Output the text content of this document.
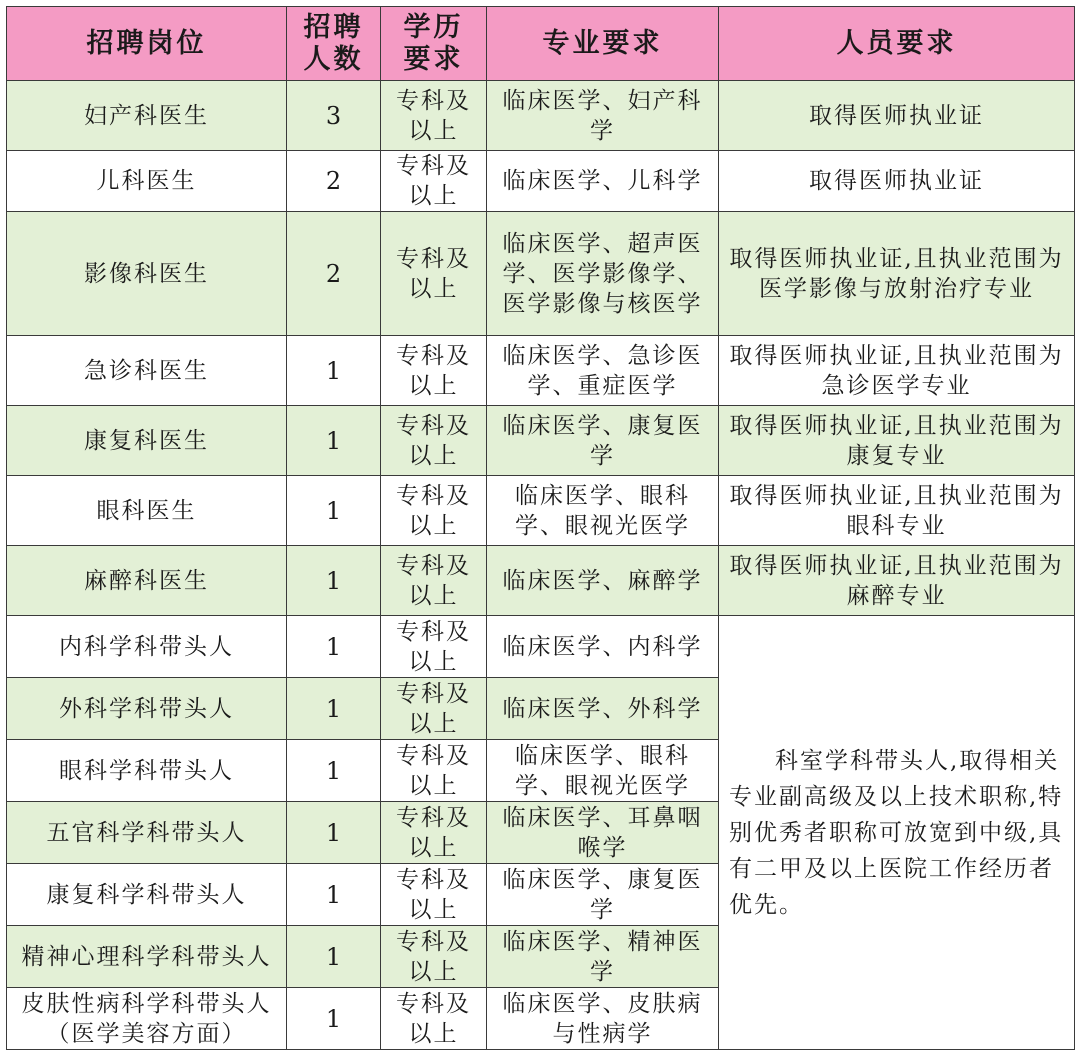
招聘岗位	招聘人数	学历要求	专业要求	人员要求
妇产科医生	3	专科及以上	临床医学、妇产科学	取得医师执业证
儿科医生	2	专科及以上	临床医学、儿科学	取得医师执业证
影像科医生	2	专科及以上	临床医学、超声医学、医学影像学、医学影像与核医学	取得医师执业证,且执业范围为医学影像与放射治疗专业
急诊科医生	1	专科及以上	临床医学、急诊医学、重症医学	取得医师执业证,且执业范围为急诊医学专业
康复科医生	1	专科及以上	临床医学、康复医学	取得医师执业证,且执业范围为康复专业
眼科医生	1	专科及以上	临床医学、眼科学、眼视光医学	取得医师执业证,且执业范围为眼科专业
麻醉科医生	1	专科及以上	临床医学、麻醉学	取得医师执业证,且执业范围为麻醉专业
内科学科带头人	1	专科及以上	临床医学、内科学	科室学科带头人,取得相关专业副高级及以上技术职称,特别优秀者职称可放宽到中级,具有二甲及以上医院工作经历者优先。
外科学科带头人	1	专科及以上	临床医学、外科学	
眼科学科带头人	1	专科及以上	临床医学、眼科学、眼视光医学	
五官科学科带头人	1	专科及以上	临床医学、耳鼻咽喉学	
康复科学科带头人	1	专科及以上	临床医学、康复医学	
精神心理科学科带头人	1	专科及以上	临床医学、精神医学	
皮肤性病科学科带头人（医学美容方面）	1	专科及以上	临床医学、皮肤病与性病学	
